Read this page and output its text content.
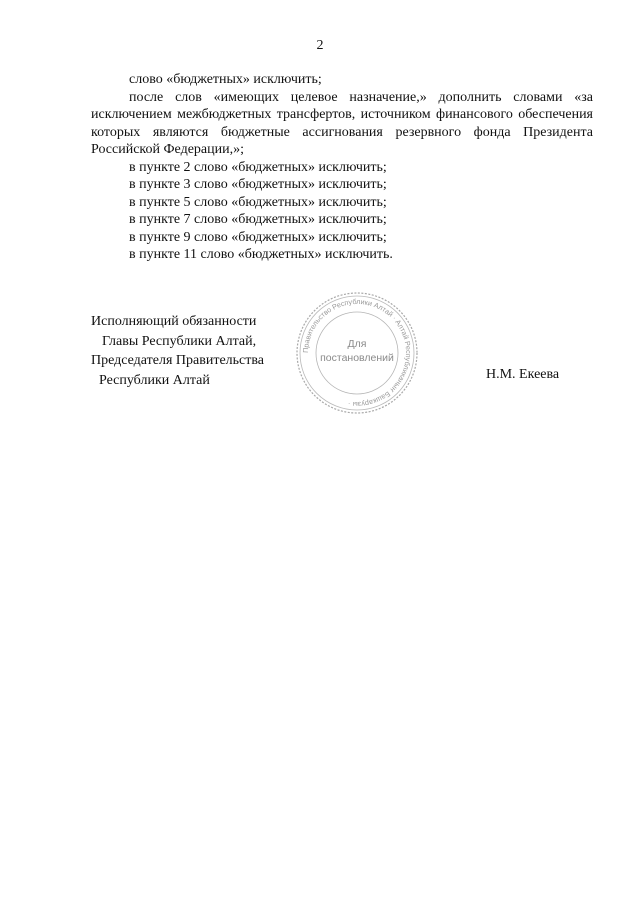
2

слово «бюджетных» исключить;

после слов «имеющих целевое назначение,» дополнить словами «за исключением межбюджетных трансфертов, источником финансового обеспечения которых являются бюджетные ассигнования резервного фонда Президента Российской Федерации,»;

в пункте 2 слово «бюджетных» исключить;

в пункте 3 слово «бюджетных» исключить;

в пункте 5 слово «бюджетных» исключить;

в пункте 7 слово «бюджетных» исключить;

в пункте 9 слово «бюджетных» исключить;

в пункте 11 слово «бюджетных» исключить.

Исполняющий обязанности
Главы Республики Алтай,
Председателя Правительства
Республики Алтай
Правительство Республики Алтай · Алтай Республиканыҥ Башкарузы ·
Для
постановлений
Н.М. Екеева
